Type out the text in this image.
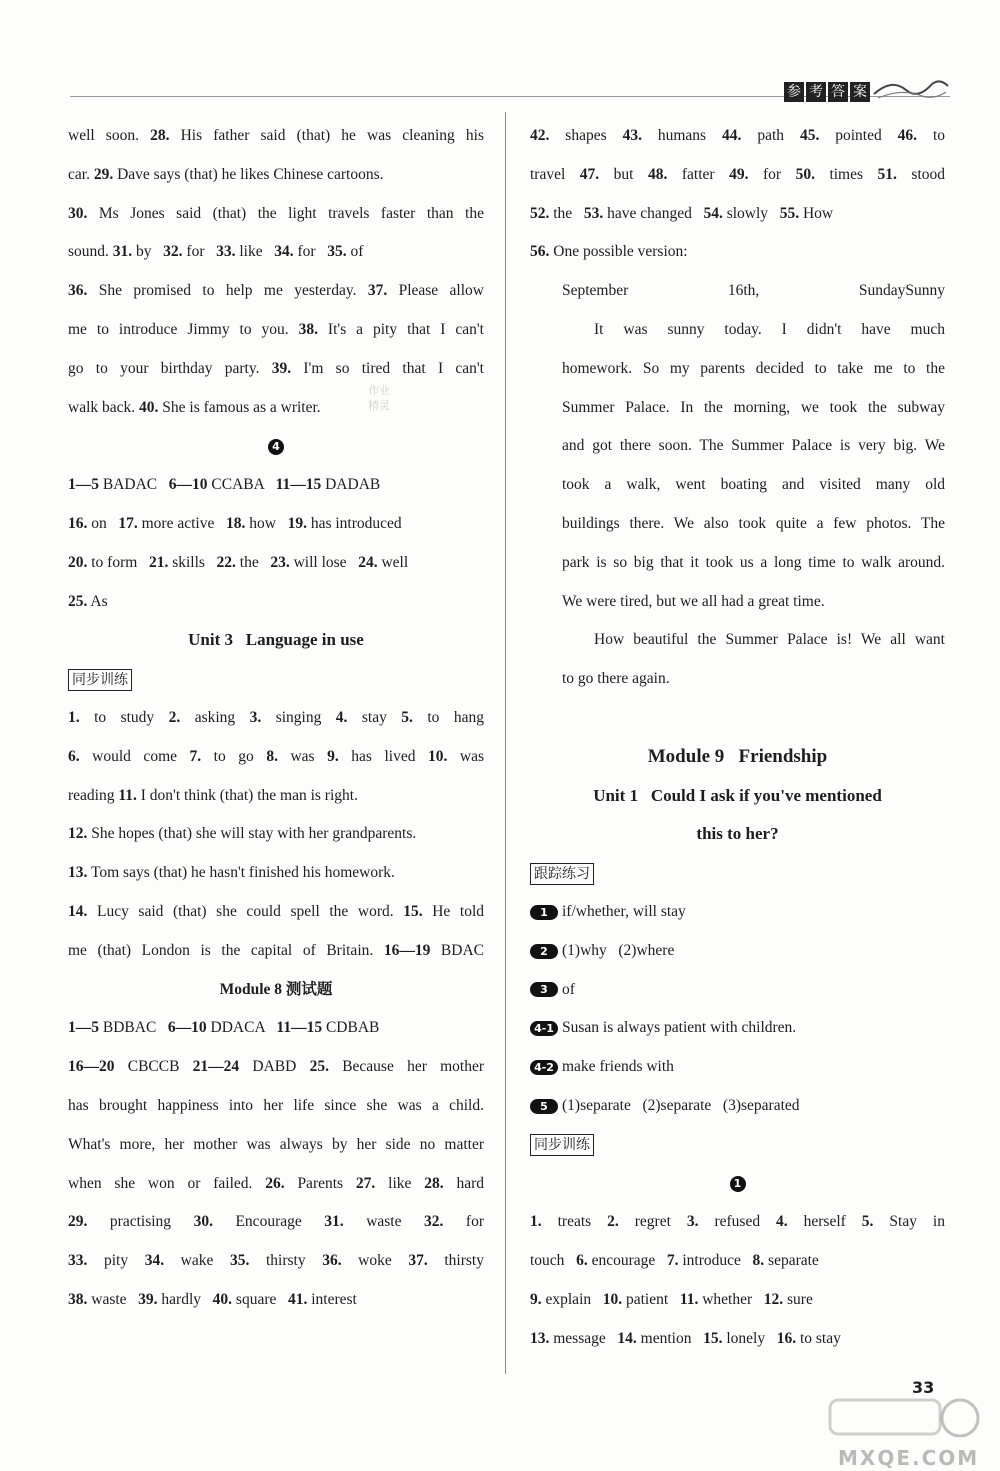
参 考 答 案
well soon. 28. His father said (that) he was cleaning his
car. 29. Dave says (that) he likes Chinese cartoons.
30. Ms Jones said (that) the light travels faster than the
sound. 31. by   32. for   33. like   34. for   35. of
36. She promised to help me yesterday. 37. Please allow
me to introduce Jimmy to you. 38. It's a pity that I can't
go to your birthday party. 39. I'm so tired that I can't
walk back. 40. She is famous as a writer.
4
1—5 BADAC   6—10 CCABA   11—15 DADAB
16. on   17. more active   18. how   19. has introduced
20. to form   21. skills   22. the   23. will lose   24. well
25. As
Unit 3   Language in use
同步训练
1. to study 2. asking 3. singing 4. stay 5. to hang
6. would come 7. to go 8. was 9. has lived 10. was
reading 11. I don't think (that) the man is right.
12. She hopes (that) she will stay with her grandparents.
13. Tom says (that) he hasn't finished his homework.
14. Lucy said (that) she could spell the word. 15. He told
me (that) London is the capital of Britain. 16—19 BDAC
Module 8 测试题
1—5 BDBAC   6—10 DDACA   11—15 CDBAB
16—20 CBCCB 21—24 DABD 25. Because her mother
has brought happiness into her life since she was a child.
What's more, her mother was always by her side no matter
when she won or failed. 26. Parents 27. like 28. hard
29. practising 30. Encourage 31. waste 32. for
33. pity 34. wake 35. thirsty 36. woke 37. thirsty
38. waste   39. hardly   40. square   41. interest
42. shapes 43. humans 44. path 45. pointed 46. to
travel 47. but 48. fatter 49. for 50. times 51. stood
52. the   53. have changed   54. slowly   55. How
56. One possible version:
September 16th, Sunday Sunny
It was sunny today. I didn't have much
homework. So my parents decided to take me to the
Summer Palace. In the morning, we took the subway
and got there soon. The Summer Palace is very big. We
took a walk, went boating and visited many old
buildings there. We also took quite a few photos. The
park is so big that it took us a long time to walk around.
We were tired, but we all had a great time.
How beautiful the Summer Palace is! We all want
to go there again.
Module 9   Friendship
Unit 1   Could I ask if you've mentioned
this to her?
跟踪练习
1 if/whether, will stay
2 (1)why   (2)where
3 of
4-1 Susan is always patient with children.
4-2 make friends with
5 (1)separate   (2)separate   (3)separated
同步训练
1
1. treats 2. regret 3. refused 4. herself 5. Stay in
touch   6. encourage   7. introduce   8. separate
9. explain   10. patient   11. whether   12. sure
13. message   14. mention   15. lonely   16. to stay
33
作业
精灵
MXQE.COM
